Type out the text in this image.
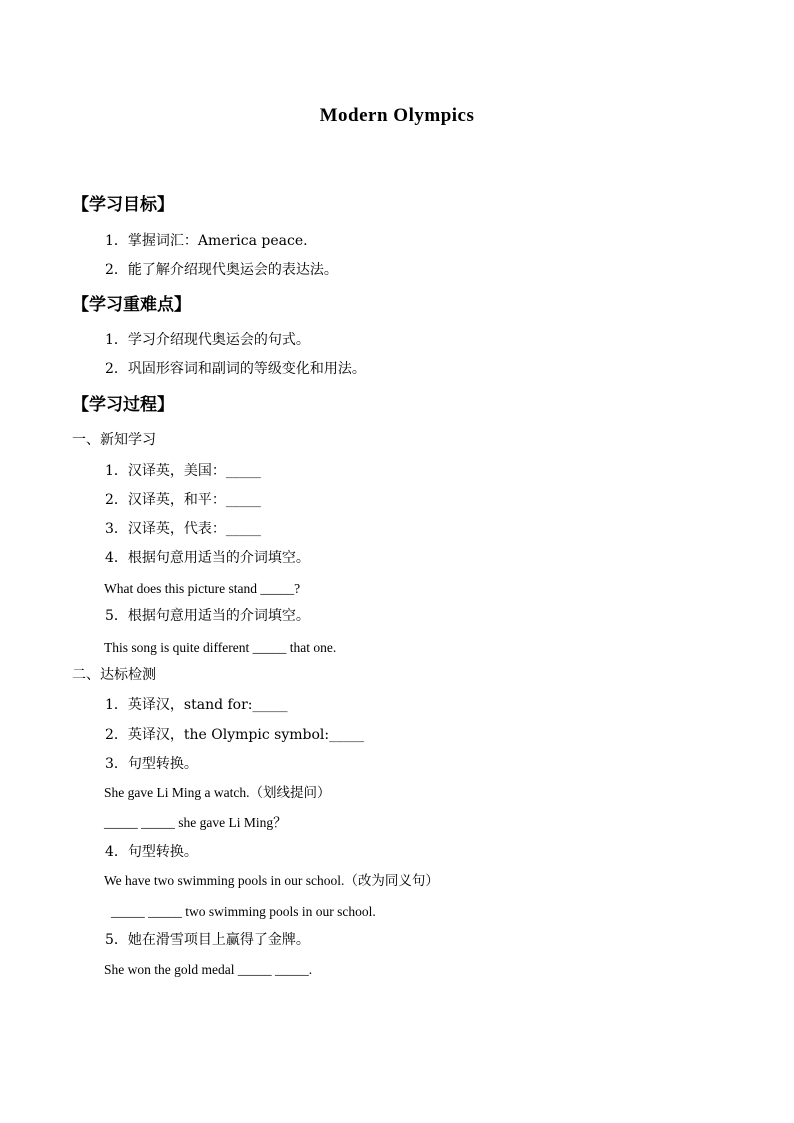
Modern Olympics
【学习目标】
1．掌握词汇：America peace.
2．能了解介绍现代奥运会的表达法。
【学习重难点】
1．学习介绍现代奥运会的句式。
2．巩固形容词和副词的等级变化和用法。
【学习过程】
一、新知学习
1．汉译英，美国：_____
2．汉译英，和平：_____
3．汉译英，代表：_____
4．根据句意用适当的介词填空。
What does this picture stand _____?
5．根据句意用适当的介词填空。
This song is quite different _____ that one.
二、达标检测
1．英译汉，stand for:_____
2．英译汉，the Olympic symbol:_____
3．句型转换。
She gave Li Ming a watch.（划线提问）
_____ _____ she gave Li Ming？
4．句型转换。
We have two swimming pools in our school.（改为同义句）
_____ _____ two swimming pools in our school.
5．她在滑雪项目上赢得了金牌。
She won the gold medal _____ _____.
